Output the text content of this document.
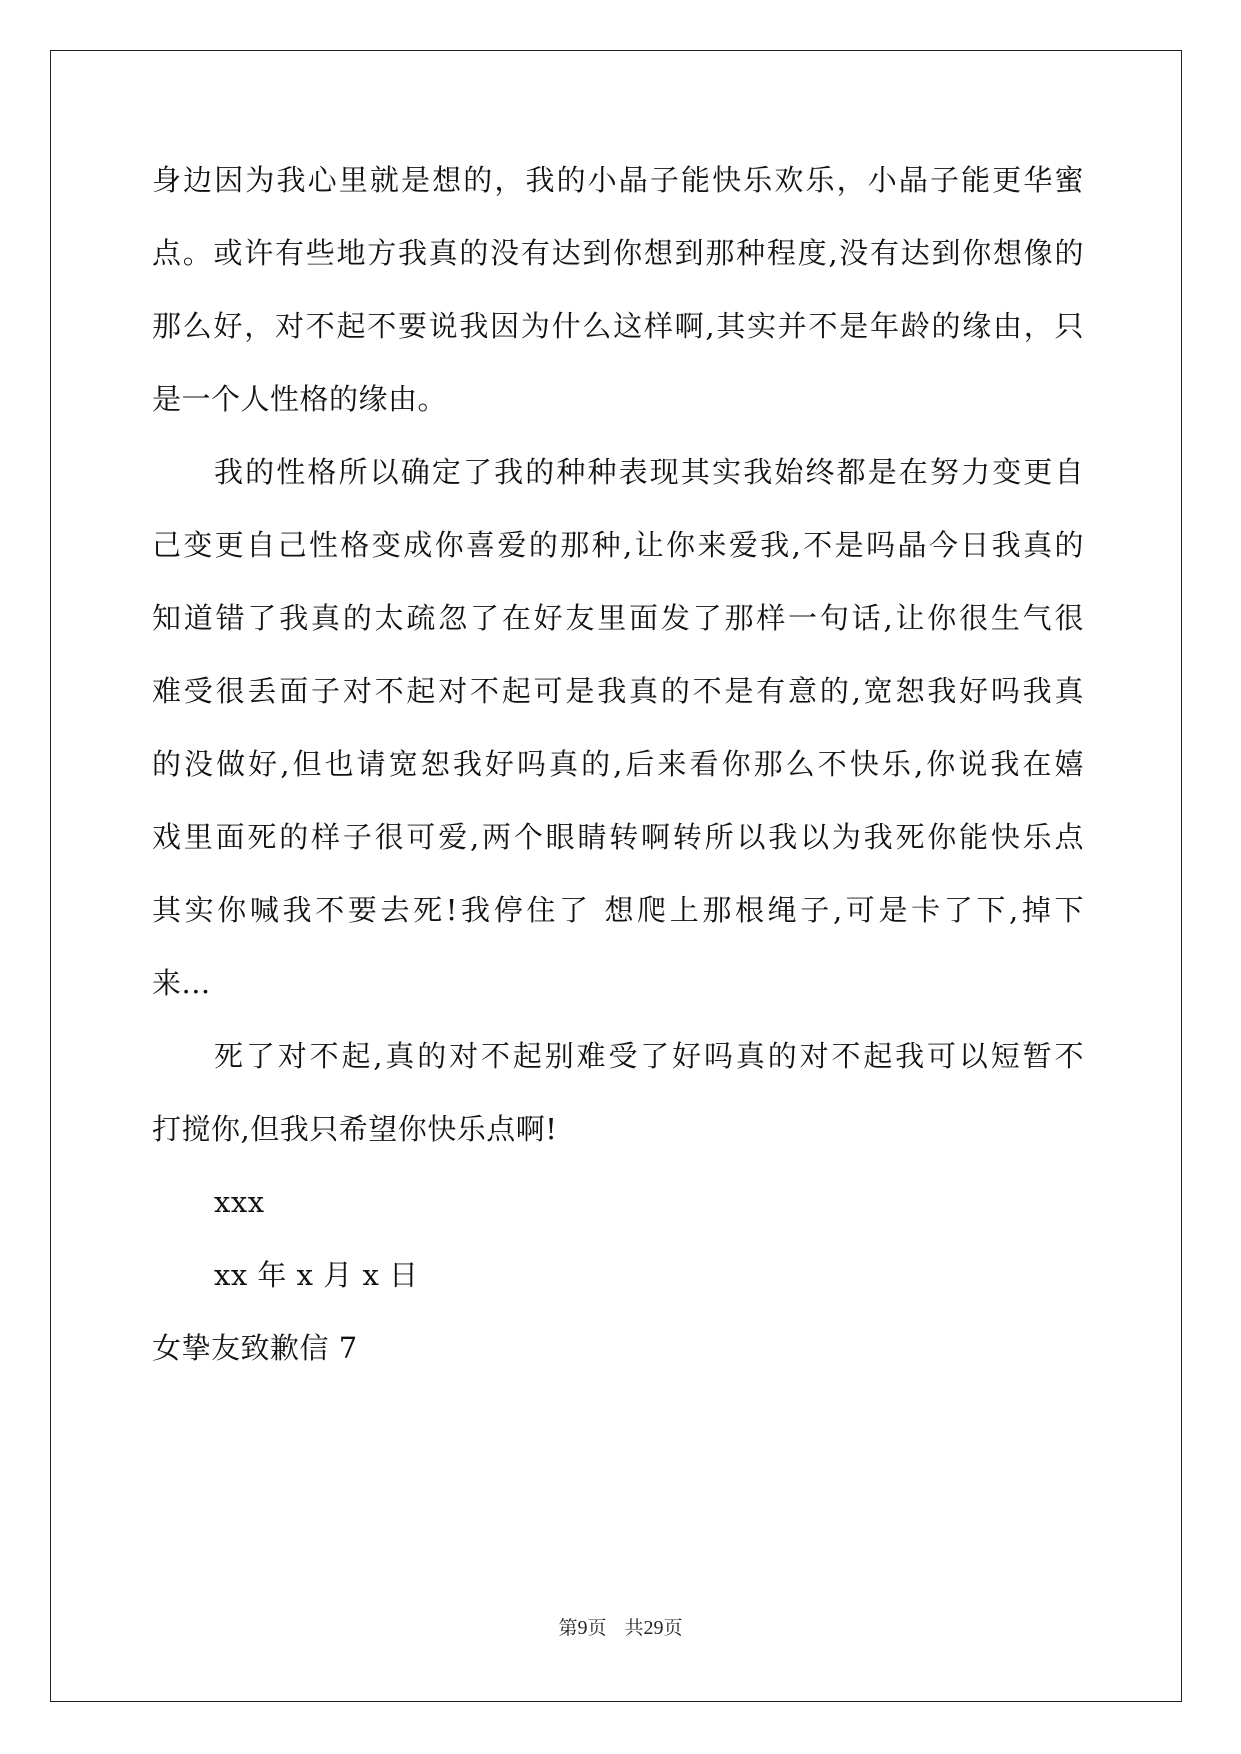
身边因为我心里就是想的，我的小晶子能快乐欢乐，小晶子能更华蜜
点。或许有些地方我真的没有达到你想到那种程度,没有达到你想像的
那么好，对不起不要说我因为什么这样啊,其实并不是年龄的缘由，只
是一个人性格的缘由。
我的性格所以确定了我的种种表现其实我始终都是在努力变更自
己变更自己性格变成你喜爱的那种,让你来爱我,不是吗晶今日我真的
知道错了我真的太疏忽了在好友里面发了那样一句话,让你很生气很
难受很丢面子对不起对不起可是我真的不是有意的,宽恕我好吗我真
的没做好,但也请宽恕我好吗真的,后来看你那么不快乐,你说我在嬉
戏里面死的样子很可爱,两个眼睛转啊转所以我以为我死你能快乐点
其实你喊我不要去死!我停住了 想爬上那根绳子,可是卡了下,掉下
来...
死了对不起,真的对不起别难受了好吗真的对不起我可以短暂不
打搅你,但我只希望你快乐点啊!
xxx
xx 年 x 月 x 日
女挚友致歉信 7
第9页 共29页
